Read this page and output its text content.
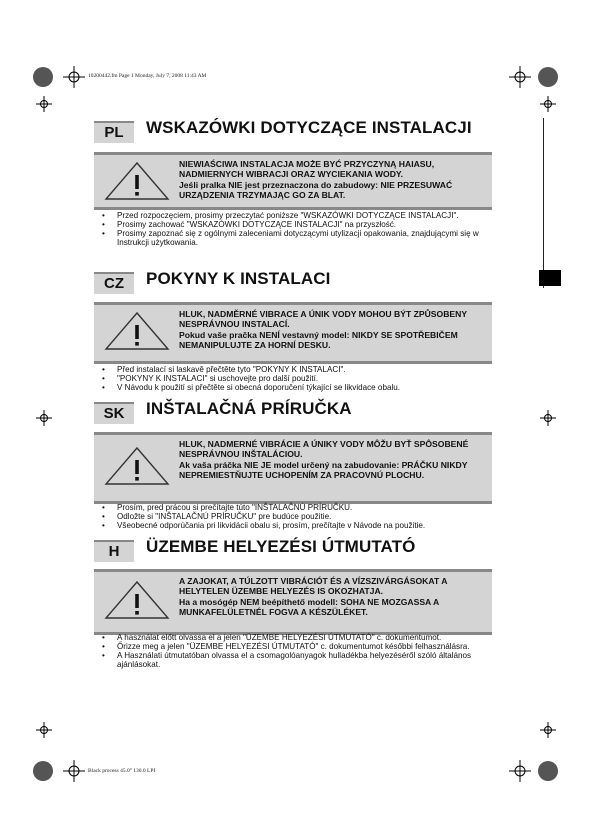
10200442.fm Page 1 Monday, July 7, 2008 11:43 AM
Black process 45.0° 130.0 LPI
PL	WSKAZÓWKI DOTYCZĄCE INSTALACJI

NIEWIAŚCIWA INSTALACJA MOŻE BYĆ PRZYCZYNĄ HAIASU, NADMIERNYCH WIBRACJI ORAZ WYCIEKANIA WODY.

Jeśli pralka NIE jest przeznaczona do zabudowy: NIE PRZESUWAĆ URZĄDZENIA TRZYMAJĄC GO ZA BLAT.

• Przed rozpoczęciem, prosimy przeczytać poniższe "WSKAZÓWKI DOTYCZĄCE INSTALACJI".
• Prosimy zachować "WSKAZÓWKI DOTYCZĄCE INSTALACJI" na przyszłość.
• Prosimy zapoznać się z ogólnymi zaleceniami dotyczącymi utylizacji opakowania, znajdującymi się w Instrukcji użytkowania.
CZ	POKYNY K INSTALACI

HLUK, NADMĚRNÉ VIBRACE A ÚNIK VODY MOHOU BÝT ZPŮSOBENY NESPRÁVNOU INSTALACÍ.

Pokud vaše pračka NENÍ vestavný model: NIKDY SE SPOTŘEBIČEM NEMANIPULUJTE ZA HORNÍ DESKU.

• Před instalací si laskavě přečtěte tyto "POKYNY K INSTALACI".
• "POKYNY K INSTALACI" si uschovejte pro další použití.
• V Návodu k použití si přečtěte si obecná doporučení týkající se likvidace obalu.
SK	INŠTALAČNÁ PRÍRUČKA

HLUK, NADMERNÉ VIBRÁCIE A ÚNIKY VODY MÔŽU BYŤ SPÔSOBENÉ NESPRÁVNOU INŠTALÁCIOU.

Ak vaša práčka NIE JE model určený na zabudovanie: PRÁČKU NIKDY NEPREMIESTŇUJTE UCHOPENÍM ZA PRACOVNÚ PLOCHU.

• Prosím, pred prácou si prečítajte túto "INŠTALAČNÚ PRÍRUČKU.
• Odložte si "INŠTALAČNÚ PRÍRUČKU" pre budúce použitie.
• Všeobecné odporúčania pri likvidácii obalu si, prosím, prečítajte v Návode na použitie.
H	ÜZEMBE HELYEZÉSI ÚTMUTATÓ

A ZAJOKAT, A TÚLZOTT VIBRÁCIÓT ÉS A VÍZSZIVÁRGÁSOKAT A HELYTELEN ÜZEMBE HELYEZÉS IS OKOZHATJA.

Ha a mosógép NEM beépíthető modell: SOHA NE MOZGASSA A MUNKAFELÜLETNÉL FOGVA A KÉSZÜLÉKET.

• A használat előtt olvassa el a jelen "ÜZEMBE HELYEZÉSI ÚTMUTATÓ" c. dokumentumot.
• Őrizze meg a jelen "ÜZEMBE HELYEZÉSI ÚTMUTATÓ" c. dokumentumot későbbi felhasználásra.
• A Használati útmutatóban olvassa el a csomagolóanyagok hulladékba helyezéséről szóló általános ajánlásokat.
